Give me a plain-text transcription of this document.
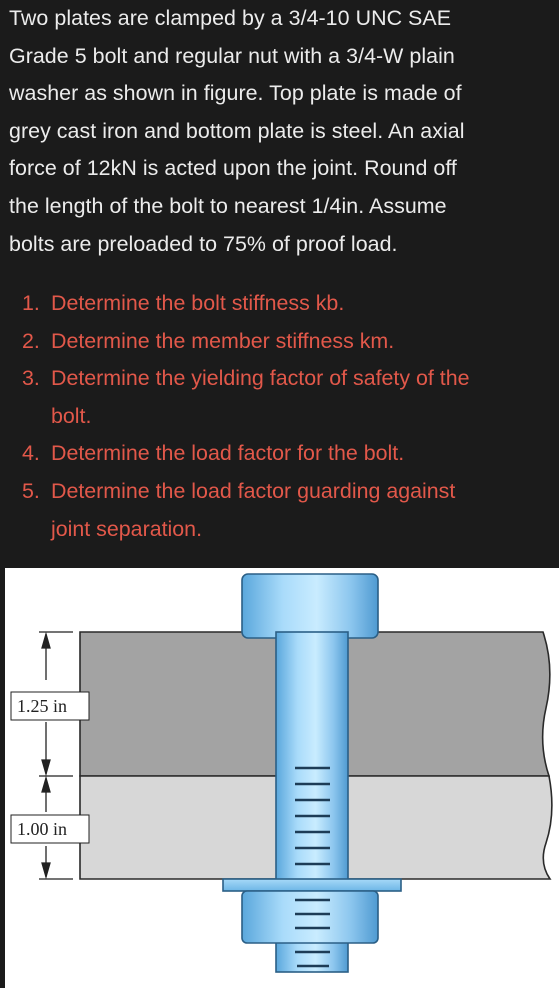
Two plates are clamped by a 3/4-10 UNC SAE
Grade 5 bolt and regular nut with a 3/4-W plain
washer as shown in figure. Top plate is made of
grey cast iron and bottom plate is steel. An axial
force of 12kN is acted upon the joint. Round off
the length of the bolt to nearest 1/4in. Assume
bolts are preloaded to 75% of proof load.
1. Determine the bolt stiffness kb.
2. Determine the member stiffness km.
3. Determine the yielding factor of safety of the
bolt.
4. Determine the load factor for the bolt.
5. Determine the load factor guarding against
joint separation.
1.25 in
1.00 in
